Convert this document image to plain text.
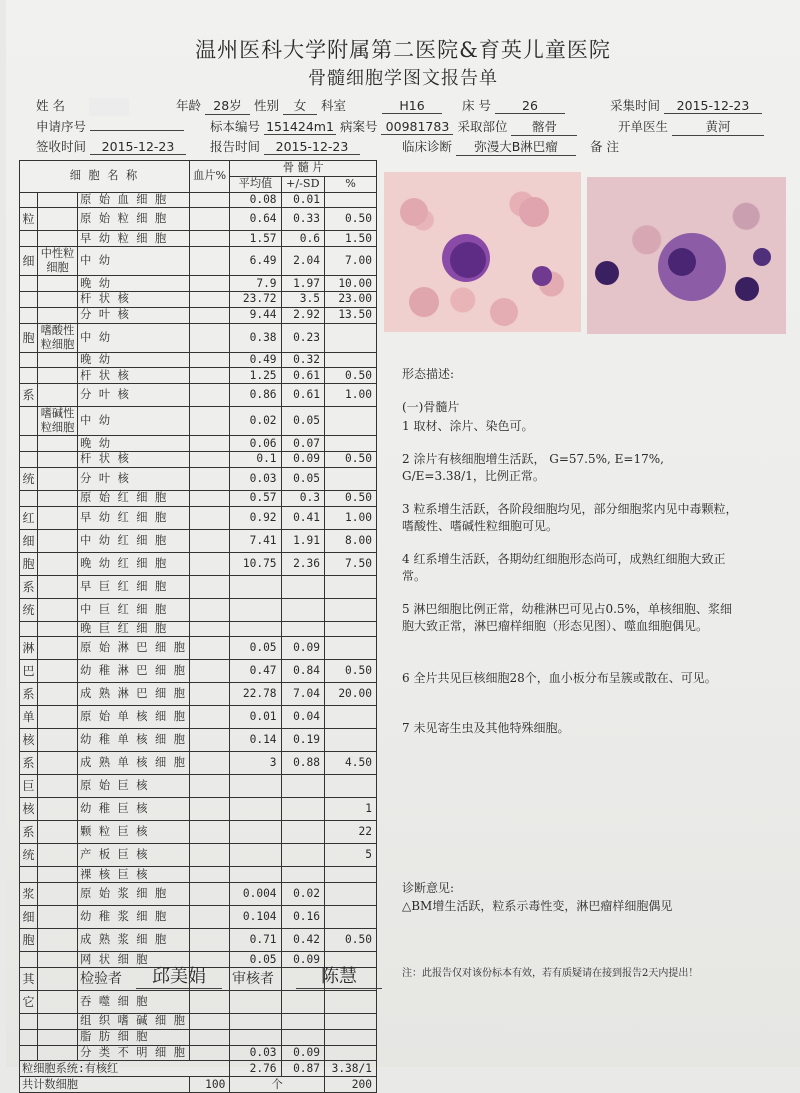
温州医科大学附属第二医院&育英儿童医院
骨髓细胞学图文报告单
姓 名	年龄 28岁 性别 女 科室	H16	床 号 26	采集时间 2015-12-23
申请序号	标本编号 151424m1 病案号 00981783 采取部位 髂骨	开单医生	黄河
签收时间 2015-12-23	报告时间 2015-12-23	临床诊断 弥漫大B淋巴瘤	备 注
细 胞 名 称			血片%	骨 髓 片		
				平均值	+/-SD	%
		原 始 血 细 胞		0.08	0.01	
粒		原 始 粒 细 胞		0.64	0.33	0.50
		早 幼 粒 细 胞		1.57	0.6	1.50
细	中性粒细胞	中 幼		6.49	2.04	7.00
		晚 幼		7.9	1.97	10.00
		杆 状 核		23.72	3.5	23.00
		分 叶 核		9.44	2.92	13.50
胞	嗜酸性粒细胞	中 幼		0.38	0.23	
		晚 幼		0.49	0.32	
		杆 状 核		1.25	0.61	0.50
系		分 叶 核		0.86	0.61	1.00
	嗜碱性粒细胞	中 幼		0.02	0.05	
		晚 幼		0.06	0.07	
		杆 状 核		0.1	0.09	0.50
统		分 叶 核		0.03	0.05	
		原 始 红 细 胞		0.57	0.3	0.50
红		早 幼 红 细 胞		0.92	0.41	1.00
细		中 幼 红 细 胞		7.41	1.91	8.00
胞		晚 幼 红 细 胞		10.75	2.36	7.50
系		早 巨 红 细 胞				
统		中 巨 红 细 胞				
		晚 巨 红 细 胞				
淋		原 始 淋 巴 细 胞		0.05	0.09	
巴		幼 稚 淋 巴 细 胞		0.47	0.84	0.50
系		成 熟 淋 巴 细 胞		22.78	7.04	20.00
单		原 始 单 核 细 胞		0.01	0.04	
核		幼 稚 单 核 细 胞		0.14	0.19	
系		成 熟 单 核 细 胞		3	0.88	4.50
巨		原 始 巨 核				
核		幼 稚 巨 核				1
系		颗 粒 巨 核				22
统		产 板 巨 核				5
		裸 核 巨 核				
浆		原 始 浆 细 胞		0.004	0.02	
细		幼 稚 浆 细 胞		0.104	0.16	
胞		成 熟 浆 细 胞		0.71	0.42	0.50
		网 状 细 胞		0.05	0.09	
其						
它		吞 噬 细 胞				
		组 织 嗜 碱 细 胞				
		脂 肪 细 胞				
		分 类 不 明 细 胞		0.03	0.09	
粒细胞系统:有核红				2.76	0.87	3.38/1
共计数细胞			100	个		200
形态描述:
(一)骨髓片
1 取材、涂片、染色可。
2 涂片有核细胞增生活跃， G=57.5%, E=17%, G/E=3.38/1，比例正常。
3 粒系增生活跃，各阶段细胞均见，部分细胞浆内见中毒颗粒，嗜酸性、嗜碱性粒细胞可见。
4 红系增生活跃，各期幼红细胞形态尚可，成熟红细胞大致正常。
5 淋巴细胞比例正常，幼稚淋巴可见占0.5%，单核细胞、浆细胞大致正常，淋巴瘤样细胞（形态见图）、噬血细胞偶见。
6 全片共见巨核细胞28个，血小板分布呈簇或散在、可见。
7 未见寄生虫及其他特殊细胞。
诊断意见:
△BM增生活跃，粒系示毒性变，淋巴瘤样细胞偶见
注：此报告仅对该份标本有效，若有质疑请在接到报告2天内提出！
检验者	邱美娟	审核者	陈慧
